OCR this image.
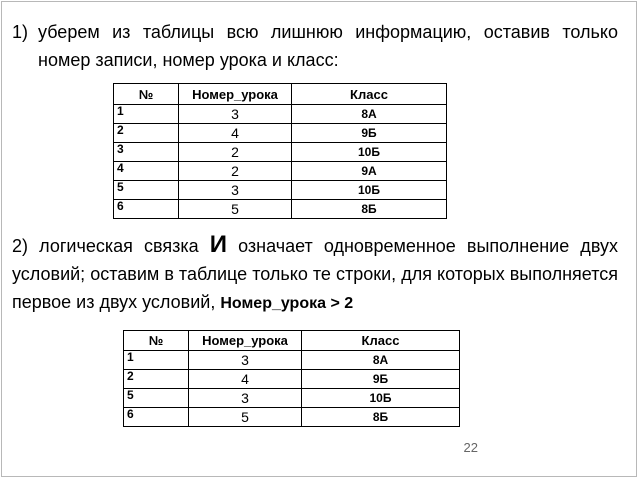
1) уберем из таблицы всю лишнюю информацию, оставив только номер записи, номер урока и класс:

№	Номер_урока	Класс
1	3	8А
2	4	9Б
3	2	10Б
4	2	9А
5	3	10Б
6	5	8Б

2) логическая связка И означает одновременное выполнение двух условий; оставим в таблице только те строки, для которых выполняется первое из двух условий, Номер_урока > 2

№	Номер_урока	Класс
1	3	8А
2	4	9Б
5	3	10Б
6	5	8Б
22
